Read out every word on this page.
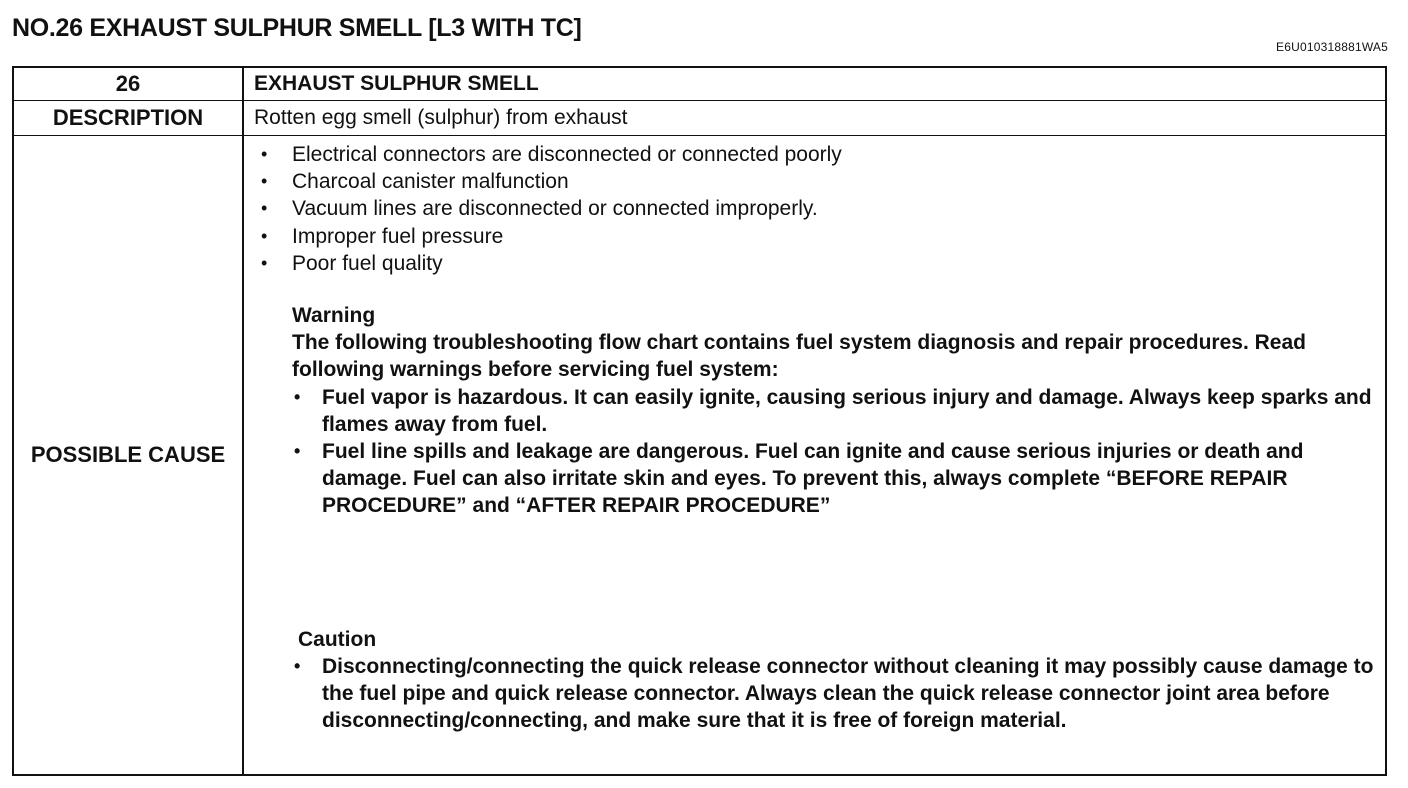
NO.26 EXHAUST SULPHUR SMELL [L3 WITH TC]
E6U010318881WA5
26	EXHAUST SULPHUR SMELL
DESCRIPTION	Rotten egg smell (sulphur) from exhaust
POSSIBLE CAUSE
• Electrical connectors are disconnected or connected poorly
• Charcoal canister malfunction
• Vacuum lines are disconnected or connected improperly.
• Improper fuel pressure
• Poor fuel quality
Warning
The following troubleshooting flow chart contains fuel system diagnosis and repair procedures. Read following warnings before servicing fuel system:
• Fuel vapor is hazardous. It can easily ignite, causing serious injury and damage. Always keep sparks and flames away from fuel.
• Fuel line spills and leakage are dangerous. Fuel can ignite and cause serious injuries or death and damage. Fuel can also irritate skin and eyes. To prevent this, always complete “BEFORE REPAIR PROCEDURE” and “AFTER REPAIR PROCEDURE”
Caution
• Disconnecting/connecting the quick release connector without cleaning it may possibly cause damage to the fuel pipe and quick release connector. Always clean the quick release connector joint area before disconnecting/connecting, and make sure that it is free of foreign material.
